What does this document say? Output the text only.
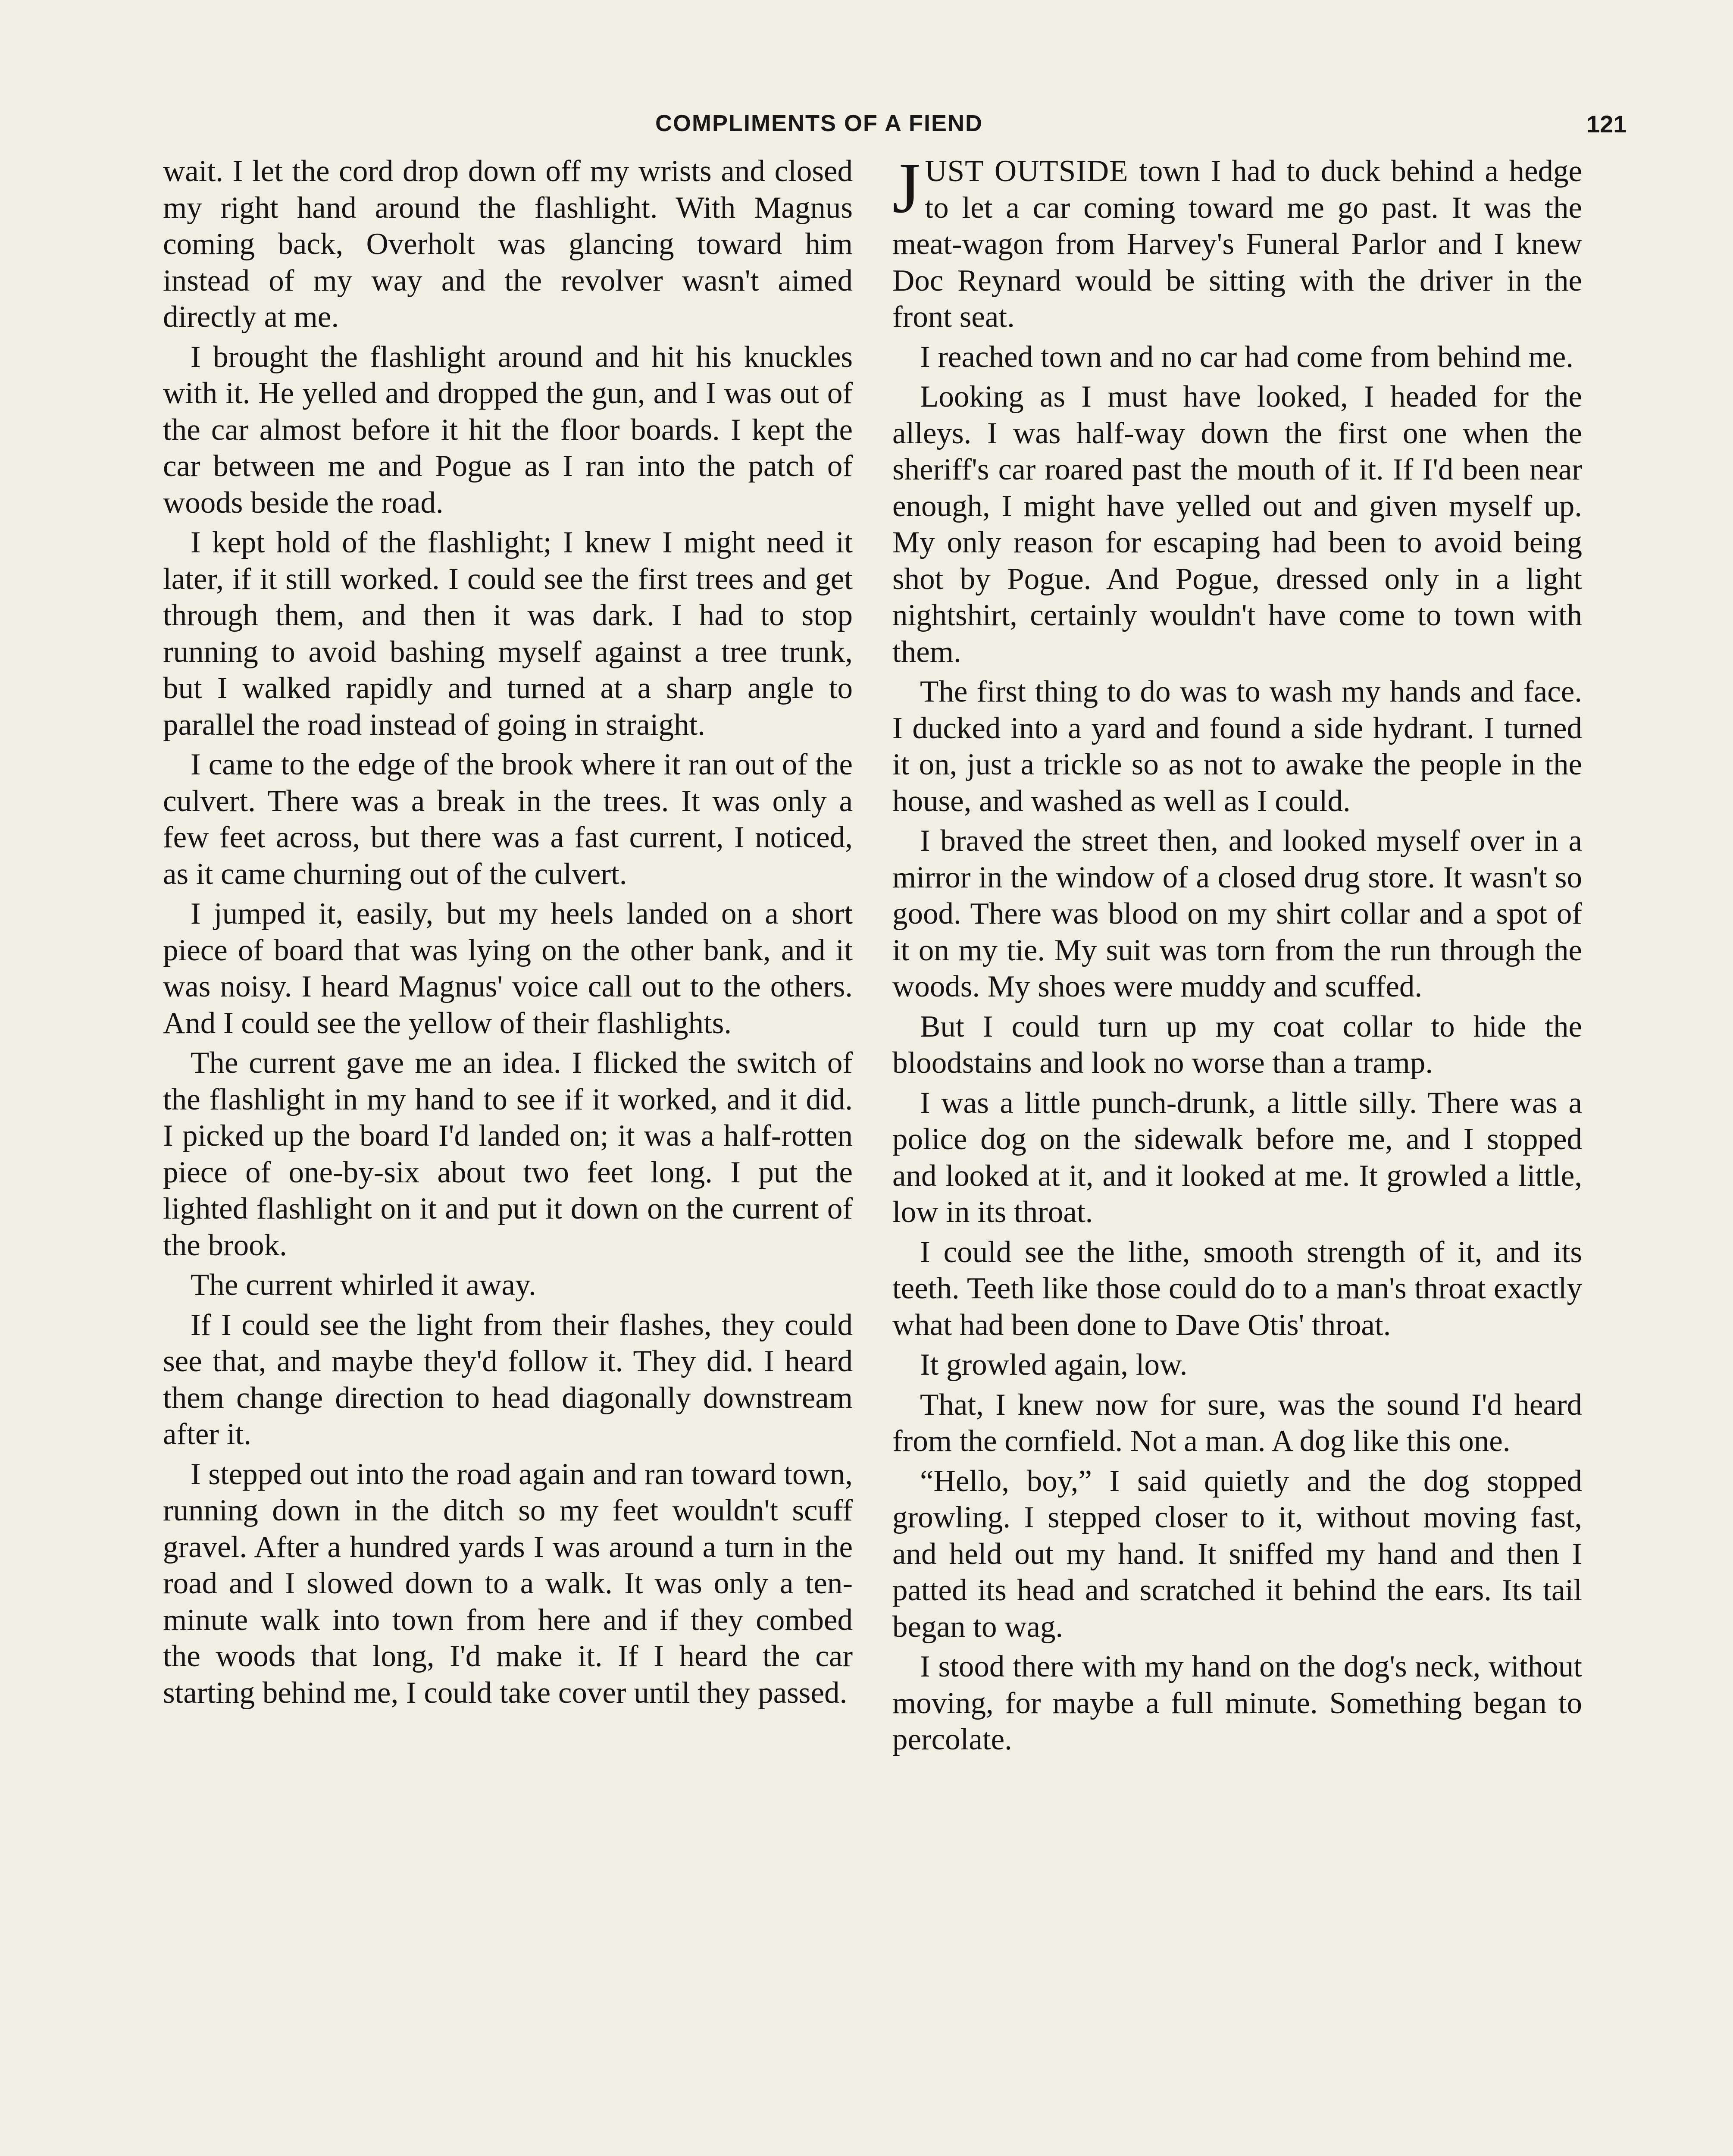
COMPLIMENTS OF A FIEND	121

wait. I let the cord drop down off my wrists and closed my right hand around the flashlight. With Magnus coming back, Overholt was glancing toward him instead of my way and the revolver wasn't aimed directly at me.

I brought the flashlight around and hit his knuckles with it. He yelled and dropped the gun, and I was out of the car almost before it hit the floor boards. I kept the car between me and Pogue as I ran into the patch of woods beside the road.

I kept hold of the flashlight; I knew I might need it later, if it still worked. I could see the first trees and get through them, and then it was dark. I had to stop running to avoid bashing myself against a tree trunk, but I walked rapidly and turned at a sharp angle to parallel the road instead of going in straight.

I came to the edge of the brook where it ran out of the culvert. There was a break in the trees. It was only a few feet across, but there was a fast current, I noticed, as it came churning out of the culvert.

I jumped it, easily, but my heels landed on a short piece of board that was lying on the other bank, and it was noisy. I heard Magnus' voice call out to the others. And I could see the yellow of their flashlights.

The current gave me an idea. I flicked the switch of the flashlight in my hand to see if it worked, and it did. I picked up the board I'd landed on; it was a half-rotten piece of one-by-six about two feet long. I put the lighted flashlight on it and put it down on the current of the brook.

The current whirled it away.

If I could see the light from their flashes, they could see that, and maybe they'd follow it. They did. I heard them change direction to head diagonally downstream after it.

I stepped out into the road again and ran toward town, running down in the ditch so my feet wouldn't scuff gravel. After a hundred yards I was around a turn in the road and I slowed down to a walk. It was only a ten-minute walk into town from here and if they combed the woods that long, I'd make it. If I heard the car starting behind me, I could take cover until they passed.

JUST OUTSIDE town I had to duck behind a hedge to let a car coming toward me go past. It was the meat-wagon from Harvey's Funeral Parlor and I knew Doc Reynard would be sitting with the driver in the front seat.

I reached town and no car had come from behind me.

Looking as I must have looked, I headed for the alleys. I was half-way down the first one when the sheriff's car roared past the mouth of it. If I'd been near enough, I might have yelled out and given myself up. My only reason for escaping had been to avoid being shot by Pogue. And Pogue, dressed only in a light nightshirt, certainly wouldn't have come to town with them.

The first thing to do was to wash my hands and face. I ducked into a yard and found a side hydrant. I turned it on, just a trickle so as not to awake the people in the house, and washed as well as I could.

I braved the street then, and looked myself over in a mirror in the window of a closed drug store. It wasn't so good. There was blood on my shirt collar and a spot of it on my tie. My suit was torn from the run through the woods. My shoes were muddy and scuffed.

But I could turn up my coat collar to hide the bloodstains and look no worse than a tramp.

I was a little punch-drunk, a little silly. There was a police dog on the sidewalk before me, and I stopped and looked at it, and it looked at me. It growled a little, low in its throat.

I could see the lithe, smooth strength of it, and its teeth. Teeth like those could do to a man's throat exactly what had been done to Dave Otis' throat.

It growled again, low.

That, I knew now for sure, was the sound I'd heard from the cornfield. Not a man. A dog like this one.

“Hello, boy,” I said quietly and the dog stopped growling. I stepped closer to it, without moving fast, and held out my hand. It sniffed my hand and then I patted its head and scratched it behind the ears. Its tail began to wag.

I stood there with my hand on the dog's neck, without moving, for maybe a full minute. Something began to percolate.
